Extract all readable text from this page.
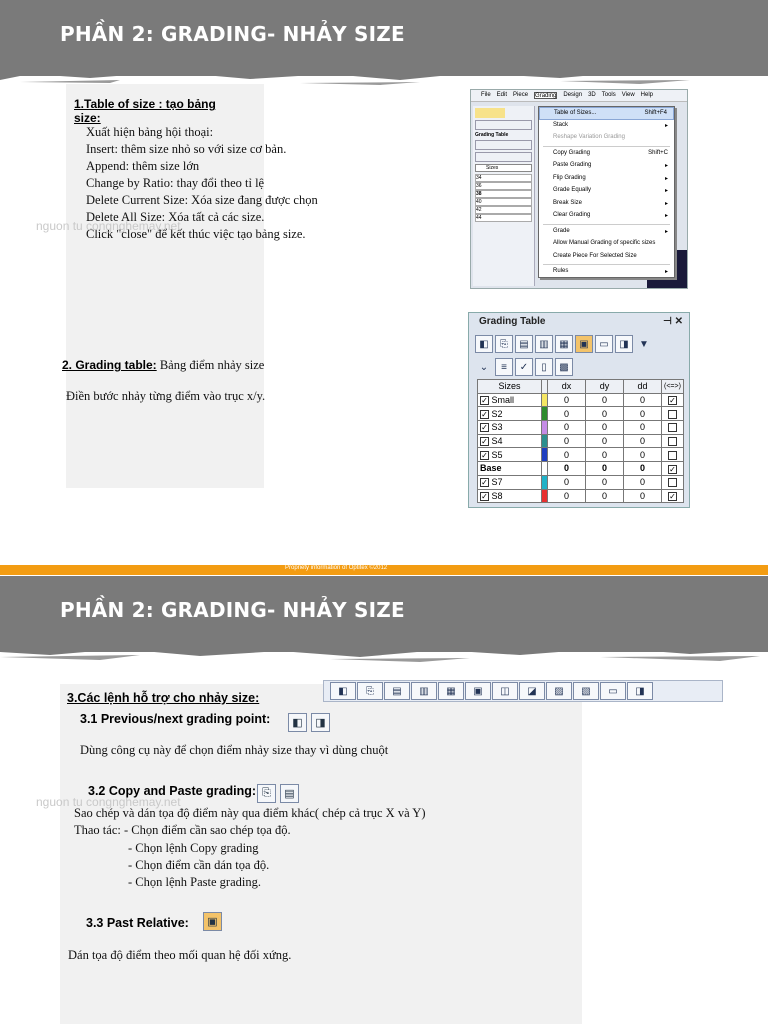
PHẦN 2: GRADING- NHẢY SIZE
1.Table of size : tạo bảng size:
Xuất hiện bảng hội thoại:
Insert: thêm size nhỏ so với size cơ bản.
Append: thêm size lớn
Change by Ratio: thay đổi theo tỉ lệ
Delete Current Size: Xóa size đang được chọn
Delete All Size: Xóa tất cả các size.
Click "close" để kết thúc việc tạo bảng size.
nguon tu congnghemay.net
2. Grading table: Bảng điểm nhảy size
Điền bước nhảy từng điểm vào trục x/y.
File Edit Piece Grading Design 3D Tools View Help
Grading Table
Sizes
34
36
38
40
42
44
Table of Sizes...	Shift+F4
Stack	▸
Reshape Variation Grading
Copy Grading	Shift+C
Paste Grading	▸
Flip Grading	▸
Grade Equally	▸
Break Size	▸
Clear Grading	▸
Grade	▸
Allow Manual Grading of specific sizes
Create Piece For Selected Size
Rules	▸
Grading Table	⊣ ✕
◧	⎘	▤	▥	▦	▣	▭	◨	▼
⌄	≡	✓	▯	▩
Sizes		dx	dy	dd	(<=>)
✓ Small		0	0	0	✓
✓ S2		0	0	0	
✓ S3		0	0	0	
✓ S4		0	0	0	
✓ S5		0	0	0	
Base		0	0	0	✓
✓ S7		0	0	0	
✓ S8		0	0	0	✓
Propriety information of Optitex ©2012
PHẦN 2: GRADING- NHẢY SIZE
◧	⎘	▤	▥	▦	▣	◫	◪	▨	▧	▭	◨
3.Các lệnh hỗ trợ cho nhảy size:
3.1 Previous/next grading point:	◧	◨
Dùng công cụ này để chọn điểm nhảy size thay vì dùng chuột
3.2 Copy and Paste grading: ⎘	▤
nguon tu congnghemay.net
Sao chép và dán tọa độ điểm này qua điểm khác( chép cả trục X và Y)
Thao tác: - Chọn điểm cần sao chép tọa độ.
- Chọn lệnh Copy grading
- Chọn điểm cần dán tọa độ.
- Chọn lệnh Paste grading.
3.3 Past Relative:	▣
Dán tọa độ điểm theo mối quan hệ đối xứng.
